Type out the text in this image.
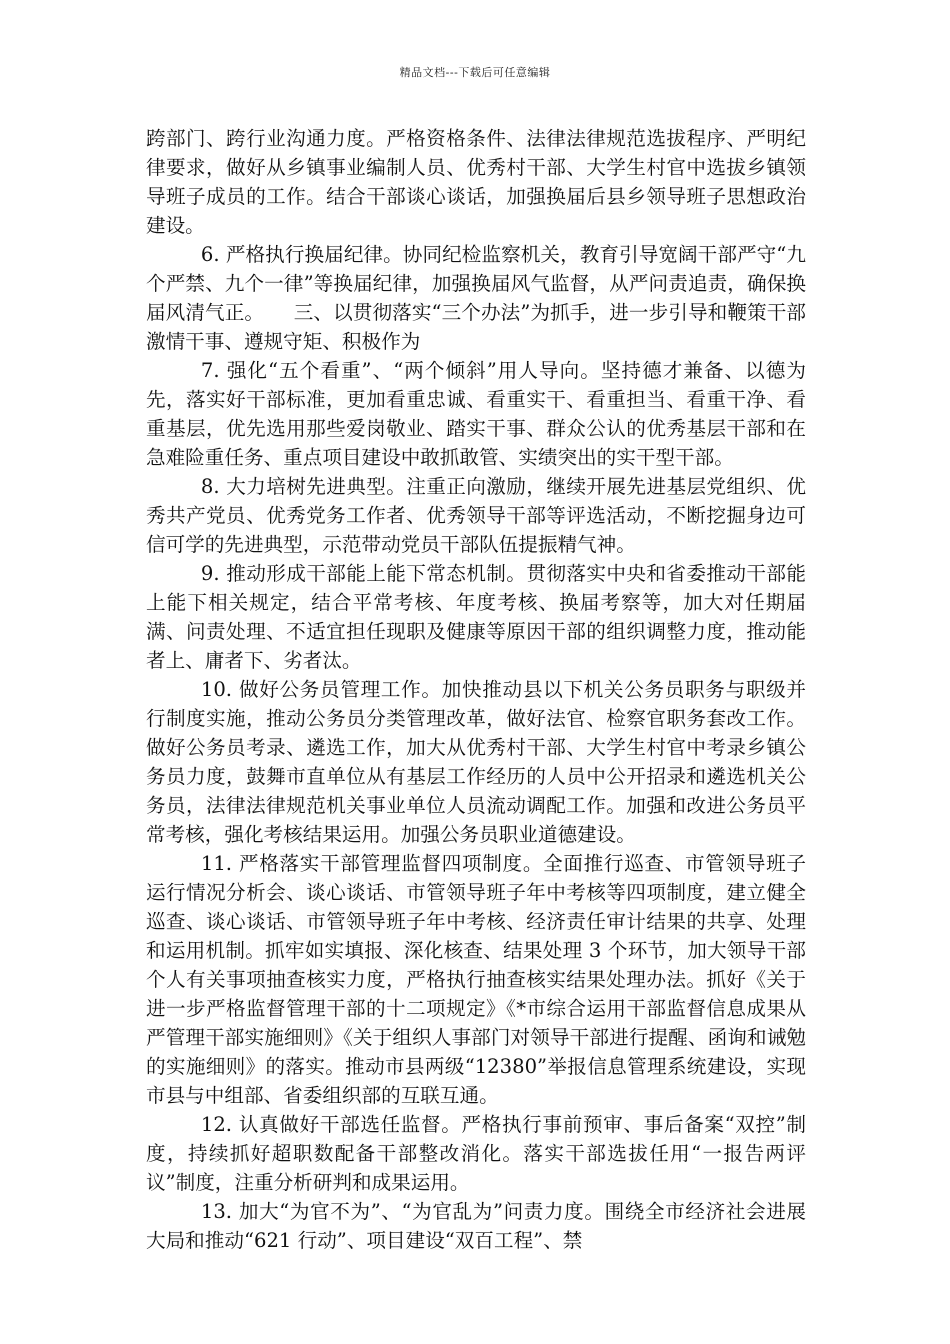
精品文档---下载后可任意编辑

跨部门、跨行业沟通力度。严格资格条件、法律法律规范选拔程序、严明纪律要求，做好从乡镇事业编制人员、优秀村干部、大学生村官中选拔乡镇领导班子成员的工作。结合干部谈心谈话，加强换届后县乡领导班子思想政治建设。

6. 严格执行换届纪律。协同纪检监察机关，教育引导宽阔干部严守“九个严禁、九个一律”等换届纪律，加强换届风气监督，从严问责追责，确保换届风清气正。　　三、以贯彻落实“三个办法”为抓手，进一步引导和鞭策干部激情干事、遵规守矩、积极作为

7. 强化“五个看重”、“两个倾斜”用人导向。坚持德才兼备、以德为先，落实好干部标准，更加看重忠诚、看重实干、看重担当、看重干净、看重基层，优先选用那些爱岗敬业、踏实干事、群众公认的优秀基层干部和在急难险重任务、重点项目建设中敢抓敢管、实绩突出的实干型干部。

8. 大力培树先进典型。注重正向激励，继续开展先进基层党组织、优秀共产党员、优秀党务工作者、优秀领导干部等评选活动，不断挖掘身边可信可学的先进典型，示范带动党员干部队伍提振精气神。

9. 推动形成干部能上能下常态机制。贯彻落实中央和省委推动干部能上能下相关规定，结合平常考核、年度考核、换届考察等，加大对任期届满、问责处理、不适宜担任现职及健康等原因干部的组织调整力度，推动能者上、庸者下、劣者汰。

10. 做好公务员管理工作。加快推动县以下机关公务员职务与职级并行制度实施，推动公务员分类管理改革，做好法官、检察官职务套改工作。做好公务员考录、遴选工作，加大从优秀村干部、大学生村官中考录乡镇公务员力度，鼓舞市直单位从有基层工作经历的人员中公开招录和遴选机关公务员，法律法律规范机关事业单位人员流动调配工作。加强和改进公务员平常考核，强化考核结果运用。加强公务员职业道德建设。

11. 严格落实干部管理监督四项制度。全面推行巡查、市管领导班子运行情况分析会、谈心谈话、市管领导班子年中考核等四项制度，建立健全巡查、谈心谈话、市管领导班子年中考核、经济责任审计结果的共享、处理和运用机制。抓牢如实填报、深化核查、结果处理 3 个环节，加大领导干部个人有关事项抽查核实力度，严格执行抽查核实结果处理办法。抓好《关于进一步严格监督管理干部的十二项规定》《*市综合运用干部监督信息成果从严管理干部实施细则》《关于组织人事部门对领导干部进行提醒、函询和诫勉的实施细则》的落实。推动市县两级“12380”举报信息管理系统建设，实现市县与中组部、省委组织部的互联互通。

12. 认真做好干部选任监督。严格执行事前预审、事后备案“双控”制度，持续抓好超职数配备干部整改消化。落实干部选拔任用“一报告两评议”制度，注重分析研判和成果运用。

13. 加大“为官不为”、“为官乱为”问责力度。围绕全市经济社会进展大局和推动“621 行动”、项目建设“双百工程”、禁
